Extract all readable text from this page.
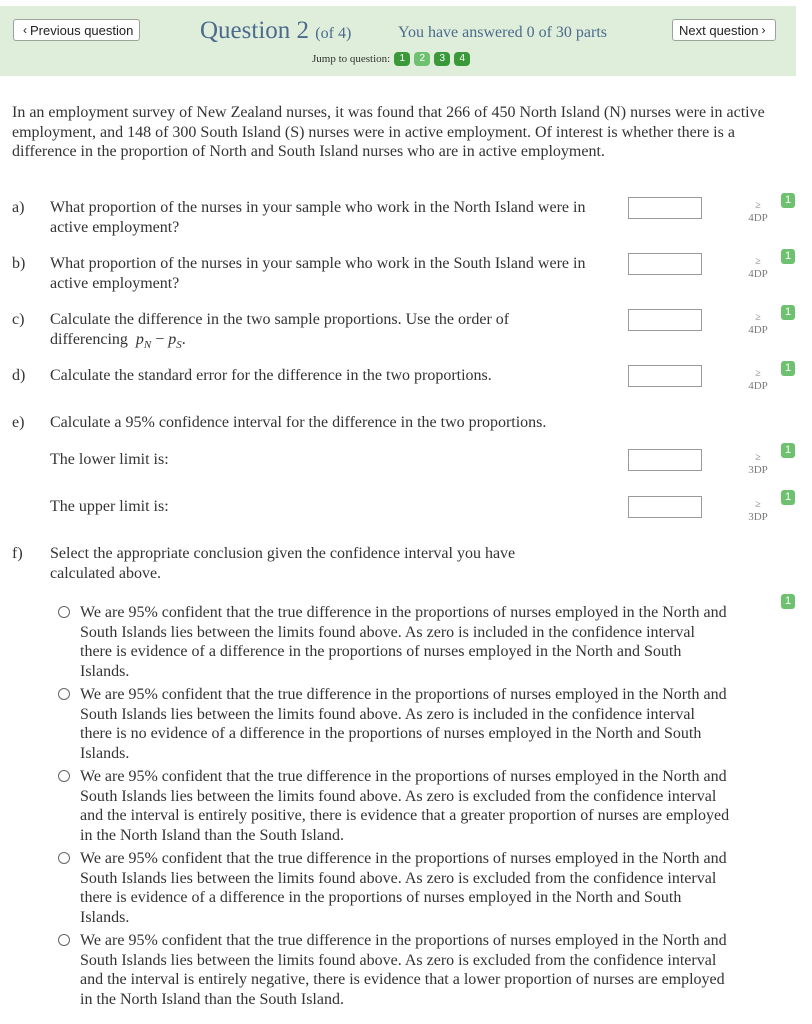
‹ Previous question	Question 2 (of 4)	You have answered 0 of 30 parts	Next question ›
Jump to question: 1	2	3	4
In an employment survey of New Zealand nurses, it was found that 266 of 450 North Island (N) nurses were in active employment, and 148 of 300 South Island (S) nurses were in active employment. Of interest is whether there is a difference in the proportion of North and South Island nurses who are in active employment.
a) What proportion of the nurses in your sample who work in the North Island were in active employment?
≥
4DP
1
b) What proportion of the nurses in your sample who work in the South Island were in active employment?
≥
4DP
1
c) Calculate the difference in the two sample proportions. Use the order of differencing $p_N - p_S$.
≥
4DP
1
d) Calculate the standard error for the difference in the two proportions.	≥
4DP
1
e) Calculate a 95% confidence interval for the difference in the two proportions.
The lower limit is:	≥
3DP
1
The upper limit is:	≥
3DP
1
f) Select the appropriate conclusion given the confidence interval you have calculated above.
1
We are 95% confident that the true difference in the proportions of nurses employed in the North and South Islands lies between the limits found above. As zero is included in the confidence interval there is evidence of a difference in the proportions of nurses employed in the North and South Islands.
We are 95% confident that the true difference in the proportions of nurses employed in the North and South Islands lies between the limits found above. As zero is included in the confidence interval there is no evidence of a difference in the proportions of nurses employed in the North and South Islands.
We are 95% confident that the true difference in the proportions of nurses employed in the North and South Islands lies between the limits found above. As zero is excluded from the confidence interval and the interval is entirely positive, there is evidence that a greater proportion of nurses are employed in the North Island than the South Island.
We are 95% confident that the true difference in the proportions of nurses employed in the North and South Islands lies between the limits found above. As zero is excluded from the confidence interval there is evidence of a difference in the proportions of nurses employed in the North and South Islands.
We are 95% confident that the true difference in the proportions of nurses employed in the North and South Islands lies between the limits found above. As zero is excluded from the confidence interval and the interval is entirely negative, there is evidence that a lower proportion of nurses are employed in the North Island than the South Island.
